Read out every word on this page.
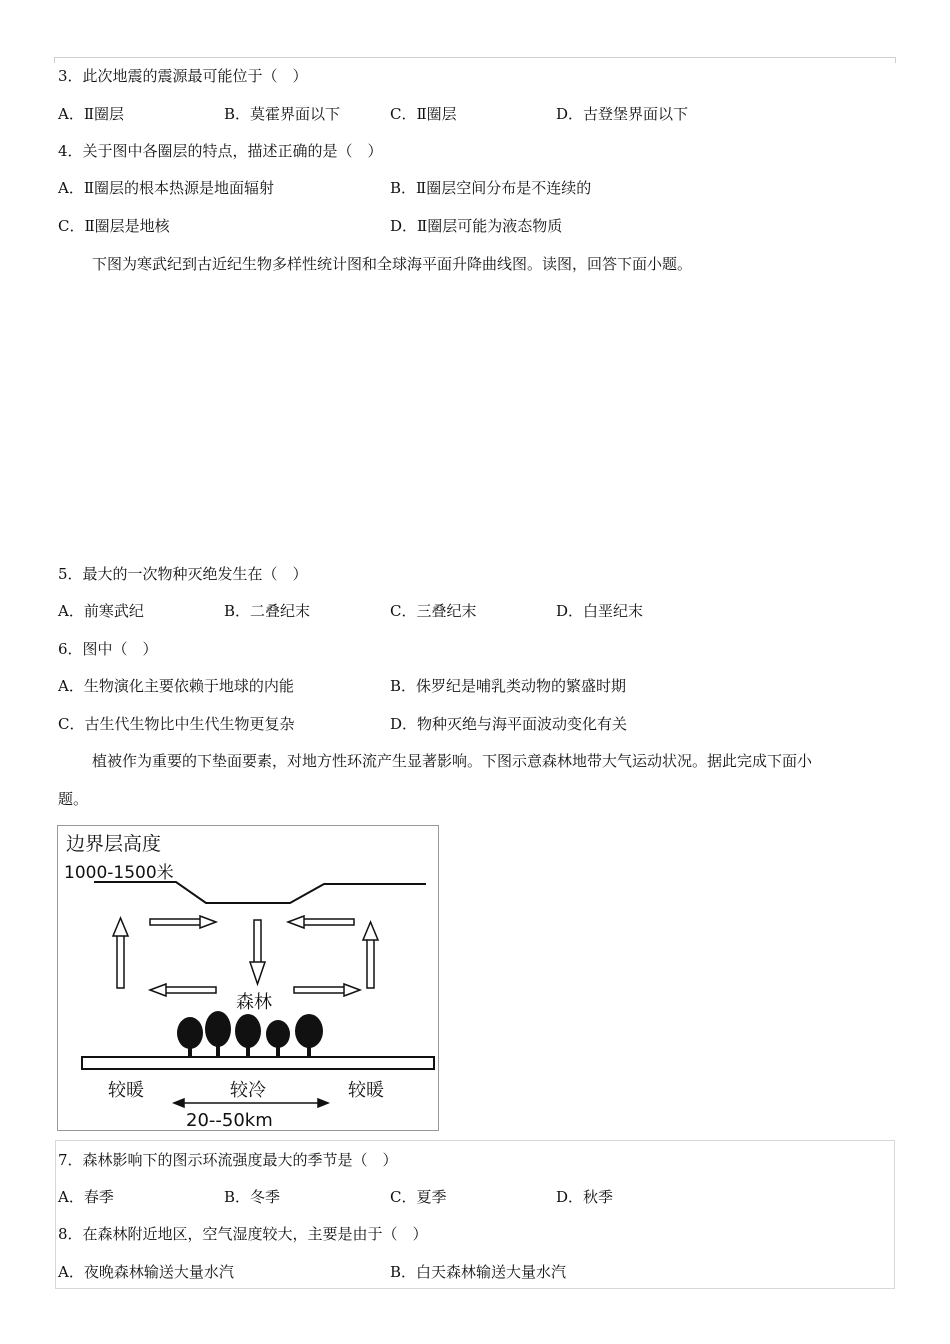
3．此次地震的震源最可能位于（　）
A．Ⅱ圈层	B．莫霍界面以下	C．Ⅱ圈层	D．古登堡界面以下
4．关于图中各圈层的特点，描述正确的是（　）
A．Ⅱ圈层的根本热源是地面辐射	B．Ⅱ圈层空间分布是不连续的
C．Ⅱ圈层是地核	D．Ⅱ圈层可能为液态物质
下图为寒武纪到古近纪生物多样性统计图和全球海平面升降曲线图。读图，回答下面小题。
5．最大的一次物种灭绝发生在（　）
A．前寒武纪	B．二叠纪末	C．三叠纪末	D．白垩纪末
6．图中（　）
A．生物演化主要依赖于地球的内能	B．侏罗纪是哺乳类动物的繁盛时期
C．古生代生物比中生代生物更复杂	D．物种灭绝与海平面波动变化有关
植被作为重要的下垫面要素，对地方性环流产生显著影响。下图示意森林地带大气运动状况。据此完成下面小
题。
边界层高度
1000-1500米
森林
较暖	较冷	较暖
20--50km
7．森林影响下的图示环流强度最大的季节是（　）
A．春季	B．冬季	C．夏季	D．秋季
8．在森林附近地区，空气湿度较大，主要是由于（　）
A．夜晚森林输送大量水汽	B．白天森林输送大量水汽
